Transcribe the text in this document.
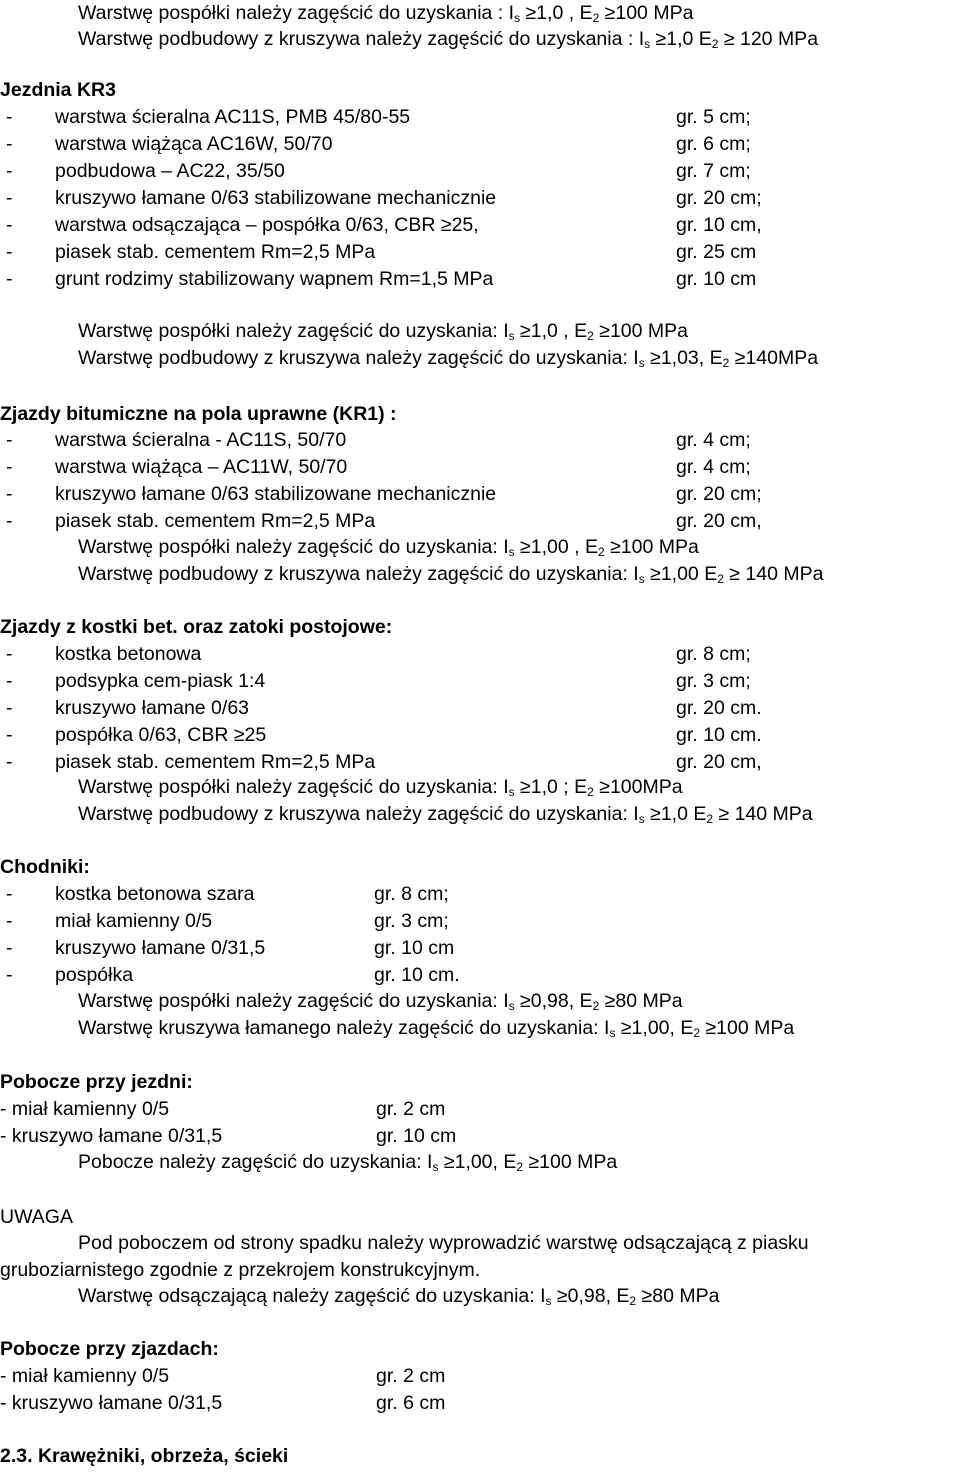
Warstwę pospółki należy zagęścić do uzyskania : $I_s \ge 1,0$ , $E_2 \ge 100$ MPa
Warstwę podbudowy z kruszywa należy zagęścić do uzyskania : $I_s \ge 1,0$ $E_2 \ge 120$ MPa
Jezdnia KR3
- warstwa ścieralna AC11S, PMB 45/80-55	gr. 5 cm;
- warstwa wiążąca AC16W, 50/70	gr. 6 cm;
- podbudowa – AC22, 35/50	gr. 7 cm;
- kruszywo łamane 0/63 stabilizowane mechanicznie	gr. 20 cm;
- warstwa odsączająca – pospółka 0/63, CBR ≥25,	gr. 10 cm,
- piasek stab. cementem Rm=2,5 MPa	gr. 25 cm
- grunt rodzimy stabilizowany wapnem Rm=1,5 MPa	gr. 10 cm
Warstwę pospółki należy zagęścić do uzyskania: $I_s \ge 1,0$ , $E_2 \ge 100$ MPa
Warstwę podbudowy z kruszywa należy zagęścić do uzyskania: $I_s \ge 1,03$, $E_2 \ge 140MPa$
Zjazdy bitumiczne na pola uprawne (KR1) :
- warstwa ścieralna - AC11S, 50/70	gr. 4 cm;
- warstwa wiążąca – AC11W, 50/70	gr. 4 cm;
- kruszywo łamane 0/63 stabilizowane mechanicznie	gr. 20 cm;
- piasek stab. cementem Rm=2,5 MPa	gr. 20 cm,
Warstwę pospółki należy zagęścić do uzyskania: $I_s \ge 1,00$ , $E_2 \ge 100$ MPa
Warstwę podbudowy z kruszywa należy zagęścić do uzyskania: $I_s \ge 1,00$ $E_2 \ge 140$ MPa
Zjazdy z kostki bet. oraz zatoki postojowe:
- kostka betonowa	gr. 8 cm;
- podsypka cem-piask 1:4	gr. 3 cm;
- kruszywo łamane 0/63	gr. 20 cm.
- pospółka 0/63, CBR ≥25	gr. 10 cm.
- piasek stab. cementem Rm=2,5 MPa	gr. 20 cm,
Warstwę pospółki należy zagęścić do uzyskania: $I_s \ge 1,0$ ; $E_2 \ge 100MPa$
Warstwę podbudowy z kruszywa należy zagęścić do uzyskania: $I_s \ge 1,0$ $E_2 \ge 140$ MPa
Chodniki:
- kostka betonowa szara	gr. 8 cm;
- miał kamienny 0/5	gr. 3 cm;
- kruszywo łamane 0/31,5	gr. 10 cm
- pospółka	gr. 10 cm.
Warstwę pospółki należy zagęścić do uzyskania: $I_s \ge 0,98$, $E_2 \ge 80$ MPa
Warstwę kruszywa łamanego należy zagęścić do uzyskania: $I_s \ge 1,00$, $E_2 \ge 100$ MPa
Pobocze przy jezdni:
- miał kamienny 0/5	gr. 2 cm
- kruszywo łamane 0/31,5	gr. 10 cm
Pobocze należy zagęścić do uzyskania: $I_s \ge 1,00$, $E_2 \ge 100$ MPa
UWAGA
Pod poboczem od strony spadku należy wyprowadzić warstwę odsączającą z piasku
gruboziarnistego zgodnie z przekrojem konstrukcyjnym.
Warstwę odsączającą należy zagęścić do uzyskania: $I_s \ge 0,98$, $E_2 \ge 80$ MPa
Pobocze przy zjazdach:
- miał kamienny 0/5	gr. 2 cm
- kruszywo łamane 0/31,5	gr. 6 cm
2.3. Krawężniki, obrzeża, ścieki
